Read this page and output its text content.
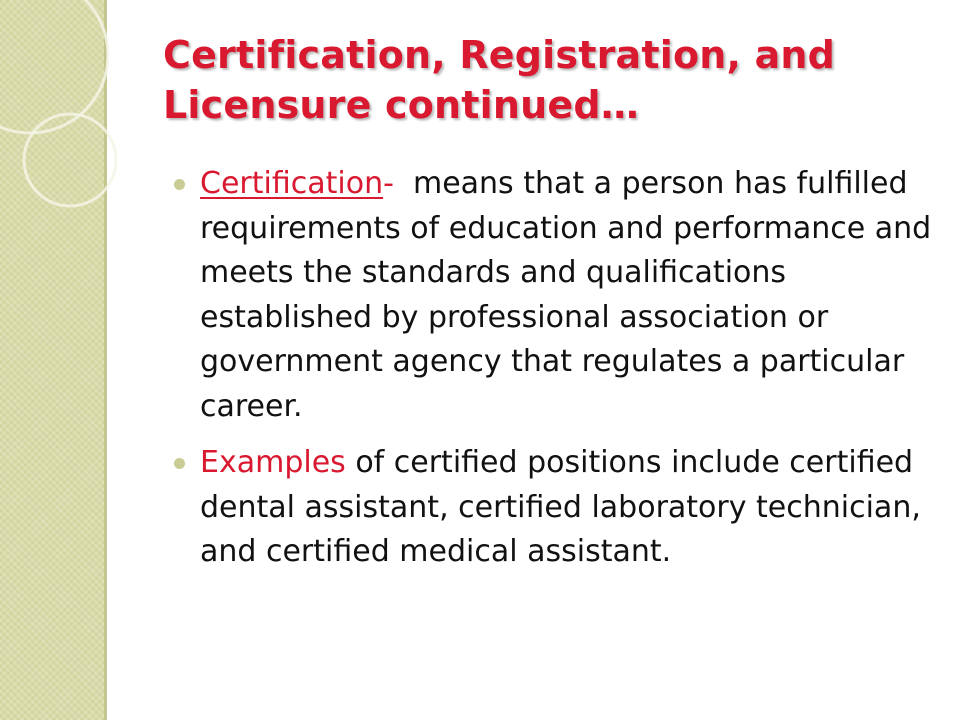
Certification, Registration, and Licensure continued…
Certification-  means that a person has fulfilled requirements of education and performance and meets the standards and qualifications established by professional association or government agency that regulates a particular career.
Examples of certified positions include certified dental assistant, certified laboratory technician, and certified medical assistant.
